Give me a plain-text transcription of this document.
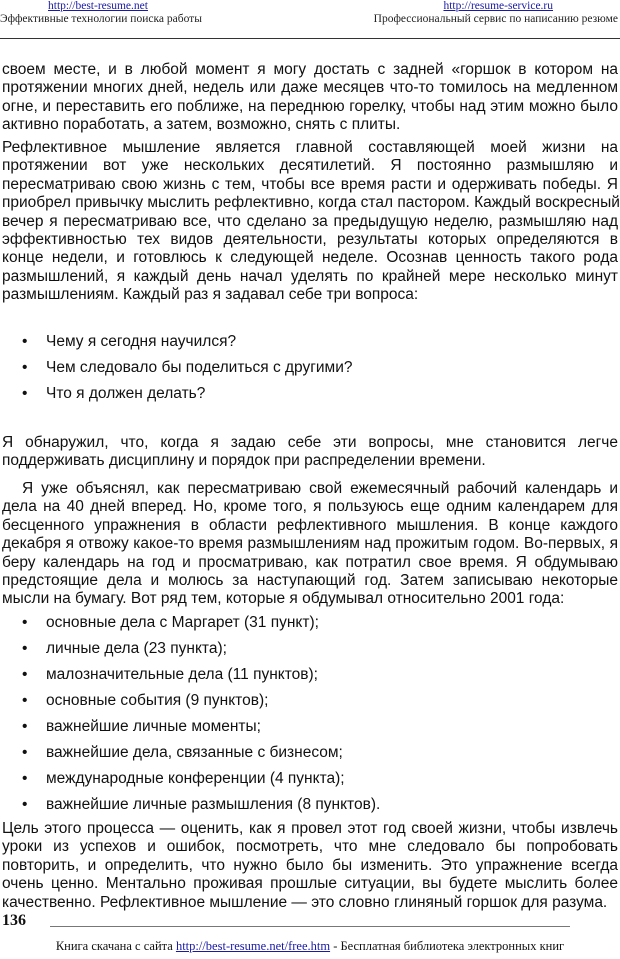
http://best-resume.net
Эффективные технологии поиска работы
http://resume-service.ru
Профессиональный сервис по написанию резюме
своем месте, и в любой момент я могу достать с задней «горшок в котором на
протяжении многих дней, недель или даже месяцев что-то томилось на медленном
огне, и переставить его поближе, на переднюю горелку, чтобы над этим можно было
активно поработать, а затем, возможно, снять с плиты.
Рефлективное мышление является главной составляющей моей жизни на
протяжении вот уже нескольких десятилетий. Я постоянно размышляю и
пересматриваю свою жизнь с тем, чтобы все время расти и одерживать победы. Я
приобрел привычку мыслить рефлективно, когда стал пастором. Каждый воскресный
вечер я пересматриваю все, что сделано за предыдущую неделю, размышляю над
эффективностью тех видов деятельности, результаты которых определяются в
конце недели, и готовлюсь к следующей неделе. Осознав ценность такого рода
размышлений, я каждый день начал уделять по крайней мере несколько минут
размышлениям. Каждый раз я задавал себе три вопроса:
• Чему я сегодня научился?
• Чем следовало бы поделиться с другими?
• Что я должен делать?
Я обнаружил, что, когда я задаю себе эти вопросы, мне становится легче
поддерживать дисциплину и порядок при распределении времени.
Я уже объяснял, как пересматриваю свой ежемесячный рабочий календарь и
дела на 40 дней вперед. Но, кроме того, я пользуюсь еще одним календарем для
бесценного упражнения в области рефлективного мышления. В конце каждого
декабря я отвожу какое-то время размышлениям над прожитым годом. Во-первых, я
беру календарь на год и просматриваю, как потратил свое время. Я обдумываю
предстоящие дела и молюсь за наступающий год. Затем записываю некоторые
мысли на бумагу. Вот ряд тем, которые я обдумывал относительно 2001 года:
• основные дела с Маргарет (31 пункт);
• личные дела (23 пункта);
• малозначительные дела (11 пунктов);
• основные события (9 пунктов);
• важнейшие личные моменты;
• важнейшие дела, связанные с бизнесом;
• международные конференции (4 пункта);
• важнейшие личные размышления (8 пунктов).
Цель этого процесса — оценить, как я провел этот год своей жизни, чтобы извлечь
уроки из успехов и ошибок, посмотреть, что мне следовало бы попробовать
повторить, и определить, что нужно было бы изменить. Это упражнение всегда
очень ценно. Ментально проживая прошлые ситуации, вы будете мыслить более
качественно. Рефлективное мышление — это словно глиняный горшок для разума.
136
Книга скачана с сайта http://best-resume.net/free.htm - Бесплатная библиотека электронных книг
